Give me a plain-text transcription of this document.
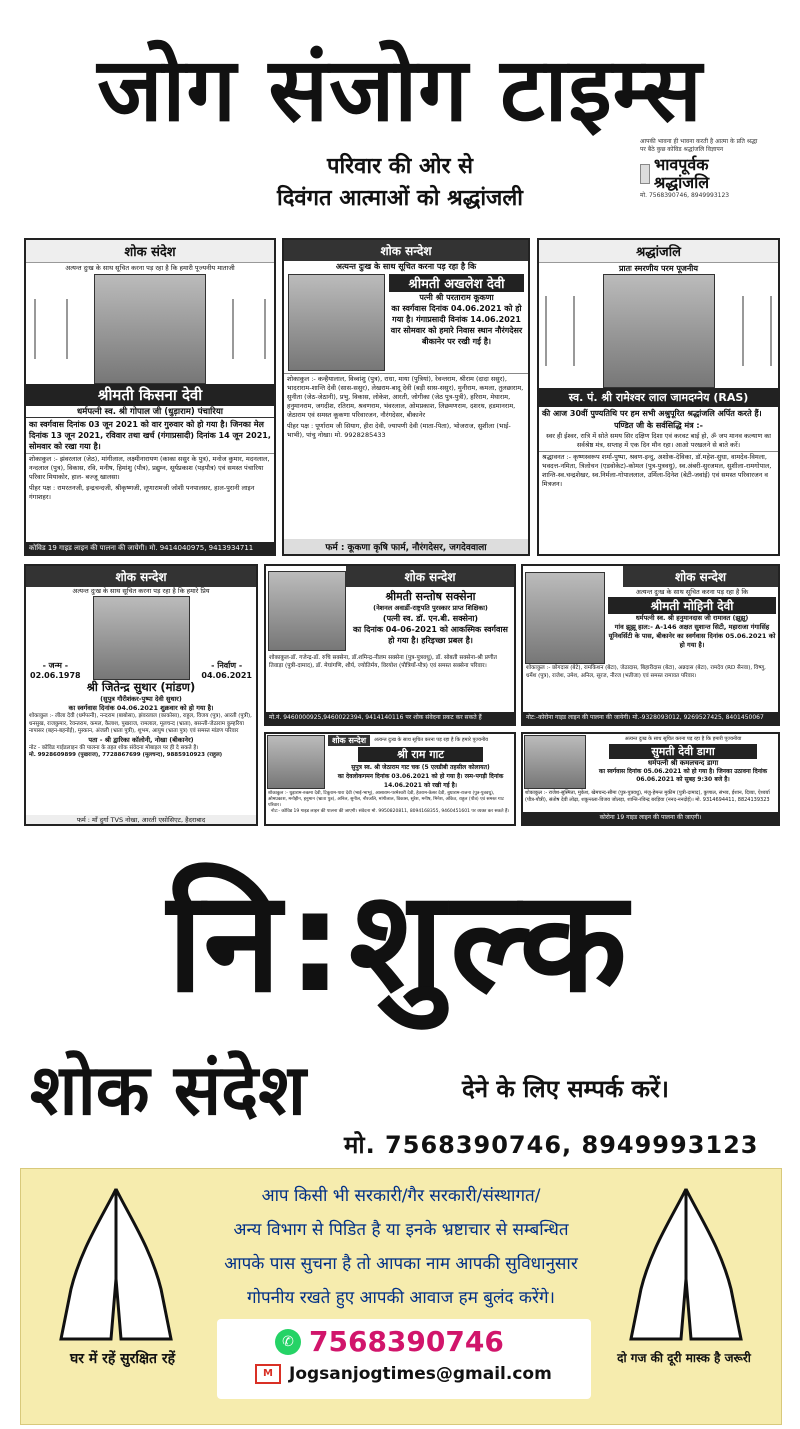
जोग संजोग टाइम्स
परिवार की ओर से
दिवंगत आत्माओं को श्रद्धांजली
आपकी भावना ही भावना करती है आत्मा के प्रति श्रद्धा
पर बैठे कुछ कोविड श्रद्धांजलि विज्ञापन
भावपूर्वक
श्रद्धांजलि
मो. 7568390746, 8949993123
शोक संदेश
अत्यन्त दुःख के साथ सूचित करना पड़ रहा है कि हमारी पूज्यनीय माताजी
श्रीमती किसना देवी
धर्मपत्नी स्व. श्री गोपाल जी (धुड़ाराम) पंचारिया
का स्वर्गवास दिनांक 03 जून 2021 को वार गुरुवार को हो गया है। जिनका मेल दिनांक 13 जून 2021, रविवार तथा खर्च (गंगाप्रसादी) दिनांक 14 जून 2021, सोमवार को रखा गया है।
शोकाकुल :- झंवरलाल (जेठ), मांगीलाल, लक्ष्मीनारायण (काका ससुर के पुत्र), मनोज कुमार, मदनलाल, नन्दलाल (पुत्र), विकास, रवि, मनीष, हिमांशु (पौत्र), प्रद्युम्न, सूर्यप्रकाश (पड़पौत्र) एवं समस्त पंचारिया परिवार मियाकोर, हाल- बज्जू खालसा।
पीहर पक्ष : रामरतनजी, इन्द्रचन्दजी, श्रीकृष्णजी, लूणारामजी जोशी पनपालसर, हाल-पुरानी लाइन गंगाशहर।
कोविड 19 गाइड लाइन की पालना की जायेगी। मो. 9414040975, 9413934711
शोक सन्देश
अत्यन्त दुःख के साथ सूचित करना पड़ रहा है कि
श्रीमती अखलेश देवी
पत्नी श्री परताराम कूकणा
का स्वर्गवास दिनांक 04.06.2021 को हो गया है। गंगाप्रसादी विनांक 14.06.2021 वार सोमवार को हमारे निवास स्थान नौरंगदेसर बीकानेर पर रखी गई है।
शोकाकुल :- कन्हैयालाल, विव्वांशु (पुत्र), राधा, माया (पुत्रियां), रेवन्तराम, श्रीराम (दादा ससुर), भादराराम-शान्ति देवी (सास-ससुर), लेखराम-बादू देवी (बड़ी सास-ससुर), मुनीराम, कमला, तुलछाराम, सुनीता (जेठ-जेठानी), प्रभु, विकास, लोकेश, आरती, जोगीका (जेठ पुत्र-पुत्री), हरिराम, मेघाराम, हनुमानराम, जगदीश, रतिराम, श्रवणराम, भंवरलाल, ओमप्रकाश, लिछमणराम, दशरथ, हडमानराम, जेठाराम एवं समस्त कूकणा परिवारजन, नौरंगदेसर, बीकानेर
पीहर पक्ष : पूर्णाराम जी सियाग, हीरा देवी, ज्यापणी देवी (माता-पिता), भोजराज, सुशीला (भाई-भाभी), पांचु नोखा। मो. 9928285433
फर्म : कूकणा कृषि फार्म, नौरंगदेसर, जगदेववाला
श्रद्धांजलि
प्रातः स्मरणीय परम पूजनीय
स्व. पं. श्री रामेश्वर लाल जामदग्नेय (RAS)
की आज 30वीं पुण्यतिथि पर हम सभी अश्रुपूरित श्रद्धांजलि अर्पित करते हैं।
पण्डित जी के सर्वसिद्धि मंत्र :-
स्वर ही ईश्वर, रात्रि में सोते समय सिर दक्षिण दिशा एवं करवट बाई हो, ॐ जप मानव कल्याण का सर्वश्रेष्ठ मंत्र, सप्ताह में एक दिन मौन रहा। आओ परखलने से बाते करें।
श्रद्धावनत :- कृष्णस्वरूप शर्मा-पुष्पा, श्रवण-इन्दु, अशोक-देविका, डॉ.महेश-सुधा, वामदेव-विमला, भवदत्त-नमिता, त्रिलोचन (एडवोकेट)-कोमल (पुत्र-पुत्रवधु), स्व.अंबरी-सुरजमल, सुशीला-रामगोपाल, शान्ति-स्व.चन्द्रशेखर, स्व.निर्मला-गोपाललाल, उर्मिला-दिनेश (बेटी-जवांई) एवं समस्त परिवारजन व मित्रजन।
शोक सन्देश
अत्यन्त दुःख के साथ सूचित करना पड़ रहा है कि हमारे प्रिय
- जन्म -
02.06.1978
- निर्वाण -
04.06.2021
श्री जितेन्द्र सुथार (मांडण)
(सुपुत्र गौरीशंकर-पुष्पा देवी सुथार)
का स्वर्गवास दिनांक 04.06.2021 शुक्रवार को हो गया है।
शोकाकुल :- लीला देवी (धर्मपत्नी), नन्दराम (बाबोसा), झंवरलाल (काकोसा), राहुल, विजय (पुत्र), आरती (पुत्री), धनसुख, राजकुमार, रेवन्तराम, कमल, कैलाश, पुखराज, रामलाल, मूलचन्द (भ्राता), बसन्ती-जेठाराम कुम्हरिया नापासर (बहन-बहनोई), मुस्कान, अंजली (भ्राता पुत्री), शुभम, आयुष (भ्राता पुत्र) एवं समस्त मांडण परिवार
पता - श्री द्वारिका कॉलोनी, नोखा (बीकानेर)
नोट - कोविड गाईडलाइन की पालना के तहत शोक संवेदना मोबाइल पर ही दे सकते है।
मो. 9928609899 (पुखराज), 7728867699 (मूलचन्द), 9885910923 (राहुल)
फर्म : माँ दुर्गा TVS नोखा, आरती एसोसिएट, हैदराबाद
शोक सन्देश
श्रीमती सन्तोष सक्सेना
(नेशनल अवार्डी-राष्ट्रपति पुरस्कार प्राप्त शिक्षिका)
(पत्नी स्व. डॉ. एन.बी. सक्सेना)
का दिनांक 04-06-2021 को आकस्मिक स्वर्गवास हो गया है। हरिइच्छा प्रबल है।
शोकाकुल-डॉ. गजेन्द्र-डॉ. रुचि सक्सेना, डॉ.शमिन्द्र-नीलम सक्सेना (पुत्र-पुत्रवधु), डॉ. सोबती सक्सेना-श्री प्रणीत तिवाड़ा (पुत्री-दामाद), डॉ. मेघांगणि, शौर्य, ज्योतिर्मय, विरयोश (पौत्रियाँ-पौत्र) एवं समस्त सक्सेना परिवार।
मो.नं. 9460000925,9460022394, 9414140116 पर शोक संवेदना प्रकट कर सकते हैं
शोक सन्देश
अत्यन्त दुःख के साथ सूचित करना पड़ रहा है कि
श्रीमती मोहिनी देवी
धर्मपत्नी स्व. श्री हनुमानदास जी रामावत (झूझू)
गांव झूझू हाल:- A-146 अक्षत सुशान्त सिटी, महाराजा गंगासिंह यूनिवर्सिटी के पास, बीकानेर का स्वर्गवास दिनांक 05.06.2021 को हो गया है।
शोकाकुल :- छोगदास (बेटे), रामकिशन (बेटा), जेठादास, बिहारीदास (बेटा), अन्नदास (बेटा), रामदेव (RD सैनवा), विष्णु, धर्मेश (पुत्र), राजेश, उमेश, अनिल, सूरज, नीरज (भतीजा) एवं समस्त रामावत परिवार।
नोट:-कोरोना गाइड लाइन की पालना की जायेगी। मो.-9328093012, 9269527425, 8401450067
शोक सन्देश	अत्यन्त दुःख के साथ सूचित करना पड़ रहा है कि हमारे पूज्यनीय
श्री राम गाट
सुपुत्र स्व. श्री जेठाराम गाट चक (5 एलडीबी तहसील कोलायत)
का देवलोकगमन दिनांक 03.06.2021 को हो गया है। रस्म-पगड़ी दिनांक 14.06.2021 को रखी गई है।
शोकाकुल :- धुड़ाराम-रुकमा देवी, टिकूराम-पारा देवी (भाई-भाभू), आसाराम-परमेश्वरी देवी, हेतराम-केसर देवी, बुधाराम-राजना (पुत्र-पुत्रवधु), ओमप्रकाश, मनोहीन, हनुमान (भ्राता पुत्र), अनिल, सुनील, नौरजलि, मांगीलाल, विकास, सुरेश, मनीष, मिनेश, अंकित, राहुल (पौत्र) एवं समस्त गाट परिवार।
नोट:- कोविड 19 गाइड लाइन की पालना की जाएगी। संवेदना मो. 9950820811, 8094168355, 9460451601 पर व्यक्त कर सकते हैं।
अत्यन्त दुःख के साथ सूचित करना पड़ रहा है कि हमारी पूज्यनीया
सुमती देवी डागा
धर्मपत्नी श्री कमलचन्द डागा
का स्वर्गवास दिनांक 05.06.2021 को हो गया है। जिनका उठावना दिनांक 06.06.2021 को सुबह 9:30 बजे है।
शोकाकुल :- राजेश-सुस्मिता, मुकेश, खेमचन्द-सीमा (पुत्र-पुत्रवधु), मंजु-हेमन्त मुकीम (पुत्री-दामाद), कुणाल, संभव, ईशान, दिव्या, ऐश्वर्या (पौत्र-पौत्री), संतोष देवी लोढ़ा, शकुन्तला-विजय जोलड़ा, शान्ति-रविन्द्र बरड़िया (ननद-ननदोई)। मो. 9314694411, 8824139323
कोरोना 19 गाइड लाइन की पालना की जाएगी।
नि:शुल्क
शोक संदेश	देने के लिए सम्पर्क करें।
मो. 7568390746, 8949993123
आप किसी भी सरकारी/गैर सरकारी/संस्थागत/
अन्य विभाग से पिडित है या इनके भ्रष्टाचार से सम्बन्धित
आपके पास सुचना है तो आपका नाम आपकी सुविधानुसार
गोपनीय रखते हुए आपकी आवाज हम बुलंद करेंगे।
✆ 7568390746
M Jogsanjogtimes@gmail.com
घर में रहें सुरक्षित रहें	दो गज की दूरी मास्क है जरूरी
